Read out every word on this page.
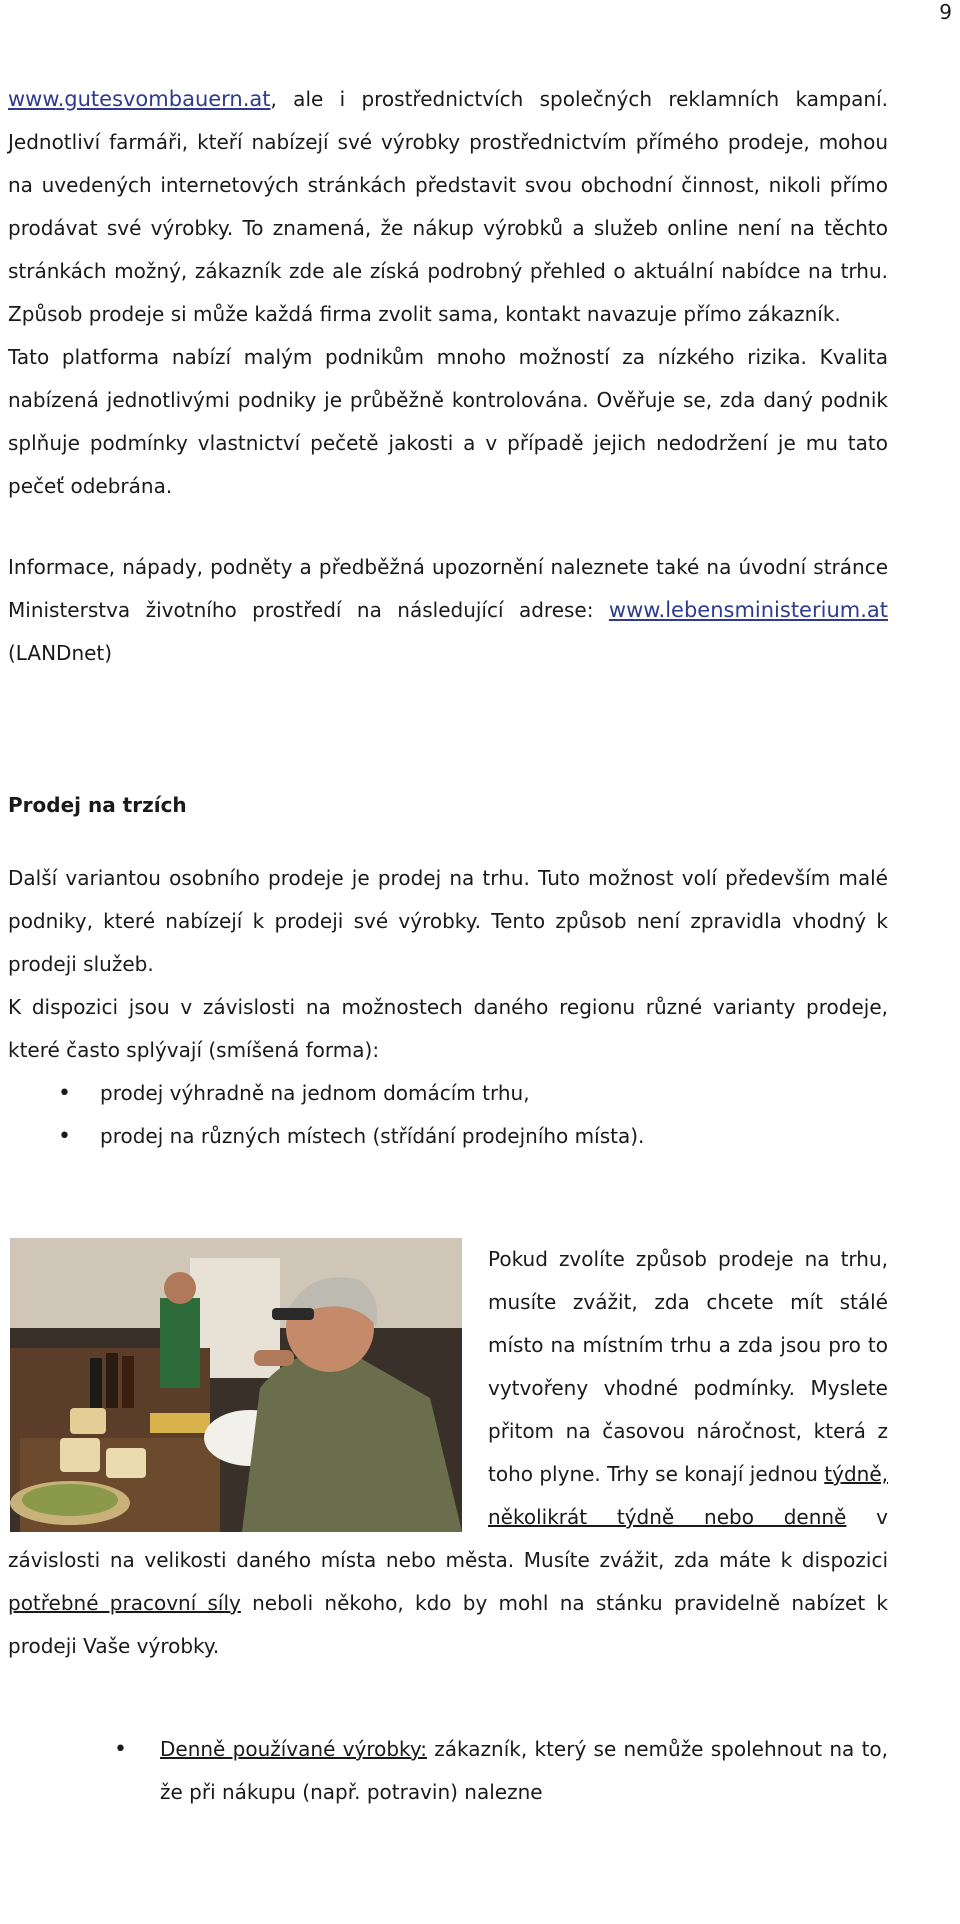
9

www.gutesvombauern.at, ale i prostřednictvích společných reklamních kampaní. Jednotliví farmáři, kteří nabízejí své výrobky prostřednictvím přímého prodeje, mohou na uvedených internetových stránkách představit svou obchodní činnost, nikoli přímo prodávat své výrobky. To znamená, že nákup výrobků a služeb online není na těchto stránkách možný, zákazník zde ale získá podrobný přehled o aktuální nabídce na trhu. Způsob prodeje si může každá firma zvolit sama, kontakt navazuje přímo zákazník.

Tato platforma nabízí malým podnikům mnoho možností za nízkého rizika. Kvalita nabízená jednotlivými podniky je průběžně kontrolována. Ověřuje se, zda daný podnik splňuje podmínky vlastnictví pečetě jakosti a v případě jejich nedodržení je mu tato pečeť odebrána.

Informace, nápady, podněty a předběžná upozornění naleznete také na úvodní stránce Ministerstva životního prostředí na následující adrese: www.lebensministerium.at (LANDnet)

Prodej na trzích

Další variantou osobního prodeje je prodej na trhu. Tuto možnost volí především malé podniky, které nabízejí k prodeji své výrobky. Tento způsob není zpravidla vhodný k prodeji služeb.

K dispozici jsou v závislosti na možnostech daného regionu různé varianty prodeje, které často splývají (smíšená forma):

• prodej výhradně na jednom domácím trhu,
• prodej na různých místech (střídání prodejního místa).

Pokud zvolíte způsob prodeje na trhu, musíte zvážit, zda chcete mít stálé místo na místním trhu a zda jsou pro to vytvořeny vhodné podmínky. Myslete přitom na časovou náročnost, která z toho plyne. Trhy se konají jednou týdně, několikrát týdně nebo denně v závislosti na velikosti daného místa nebo města. Musíte zvážit, zda máte k dispozici potřebné pracovní síly neboli někoho, kdo by mohl na stánku pravidelně nabízet k prodeji Vaše výrobky.

• Denně používané výrobky: zákazník, který se nemůže spolehnout na to, že při nákupu (např. potravin) nalezne
